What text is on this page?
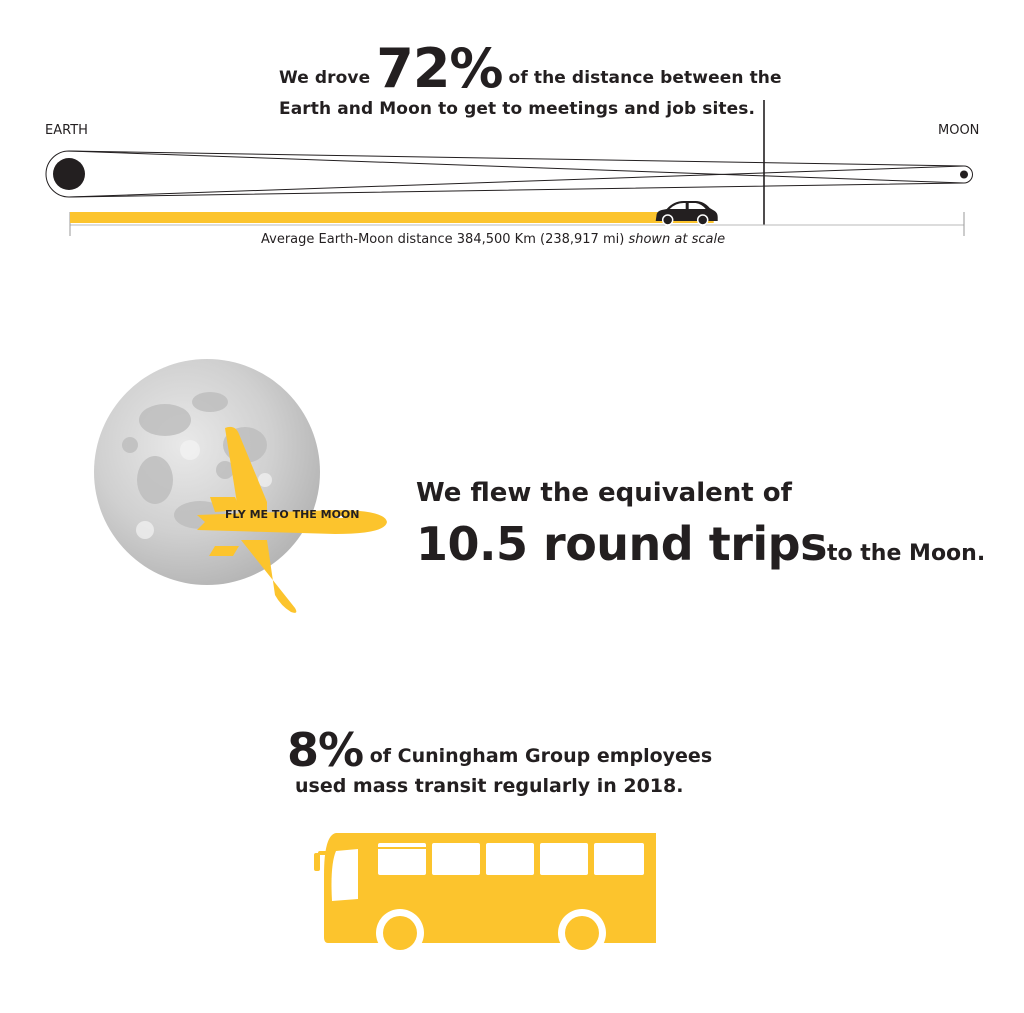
We drove 72% of the distance between the
Earth and Moon to get to meetings and job sites.
EARTH	MOON
Average Earth-Moon distance 384,500 Km (238,917 mi) shown at scale
FLY ME TO THE MOON
We flew the equivalent of
10.5 round tripsto the Moon.
8% of Cuningham Group employees
used mass transit regularly in 2018.
